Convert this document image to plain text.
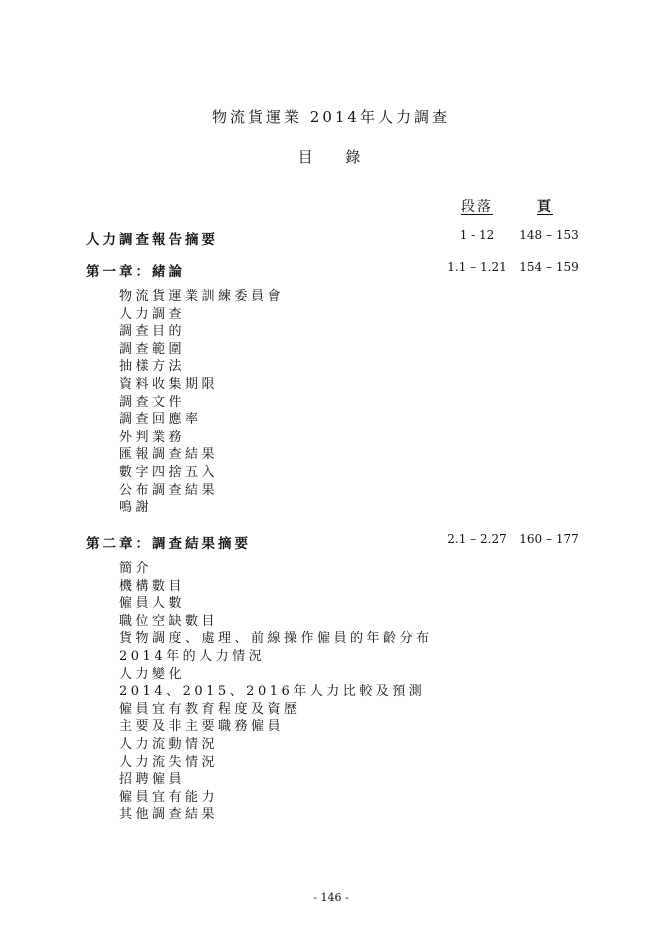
物流貨運業 2014年人力調查
目 錄
段落	頁
人力調查報告摘要	1 - 12	148 – 153
第一章：緒論	1.1 – 1.21	154 – 159
物流貨運業訓練委員會
人力調查
調查目的
調查範圍
抽樣方法
資料收集期限
調查文件
調查回應率
外判業務
匯報調查結果
數字四捨五入
公布調查結果
鳴謝
第二章：調查結果摘要	2.1 – 2.27	160 – 177
簡介
機構數目
僱員人數
職位空缺數目
貨物調度、處理、前線操作僱員的年齡分布
2014年的人力情況
人力變化
2014、2015、2016年人力比較及預測
僱員宜有教育程度及資歷
主要及非主要職務僱員
人力流動情況
人力流失情況
招聘僱員
僱員宜有能力
其他調查結果
- 146 -
